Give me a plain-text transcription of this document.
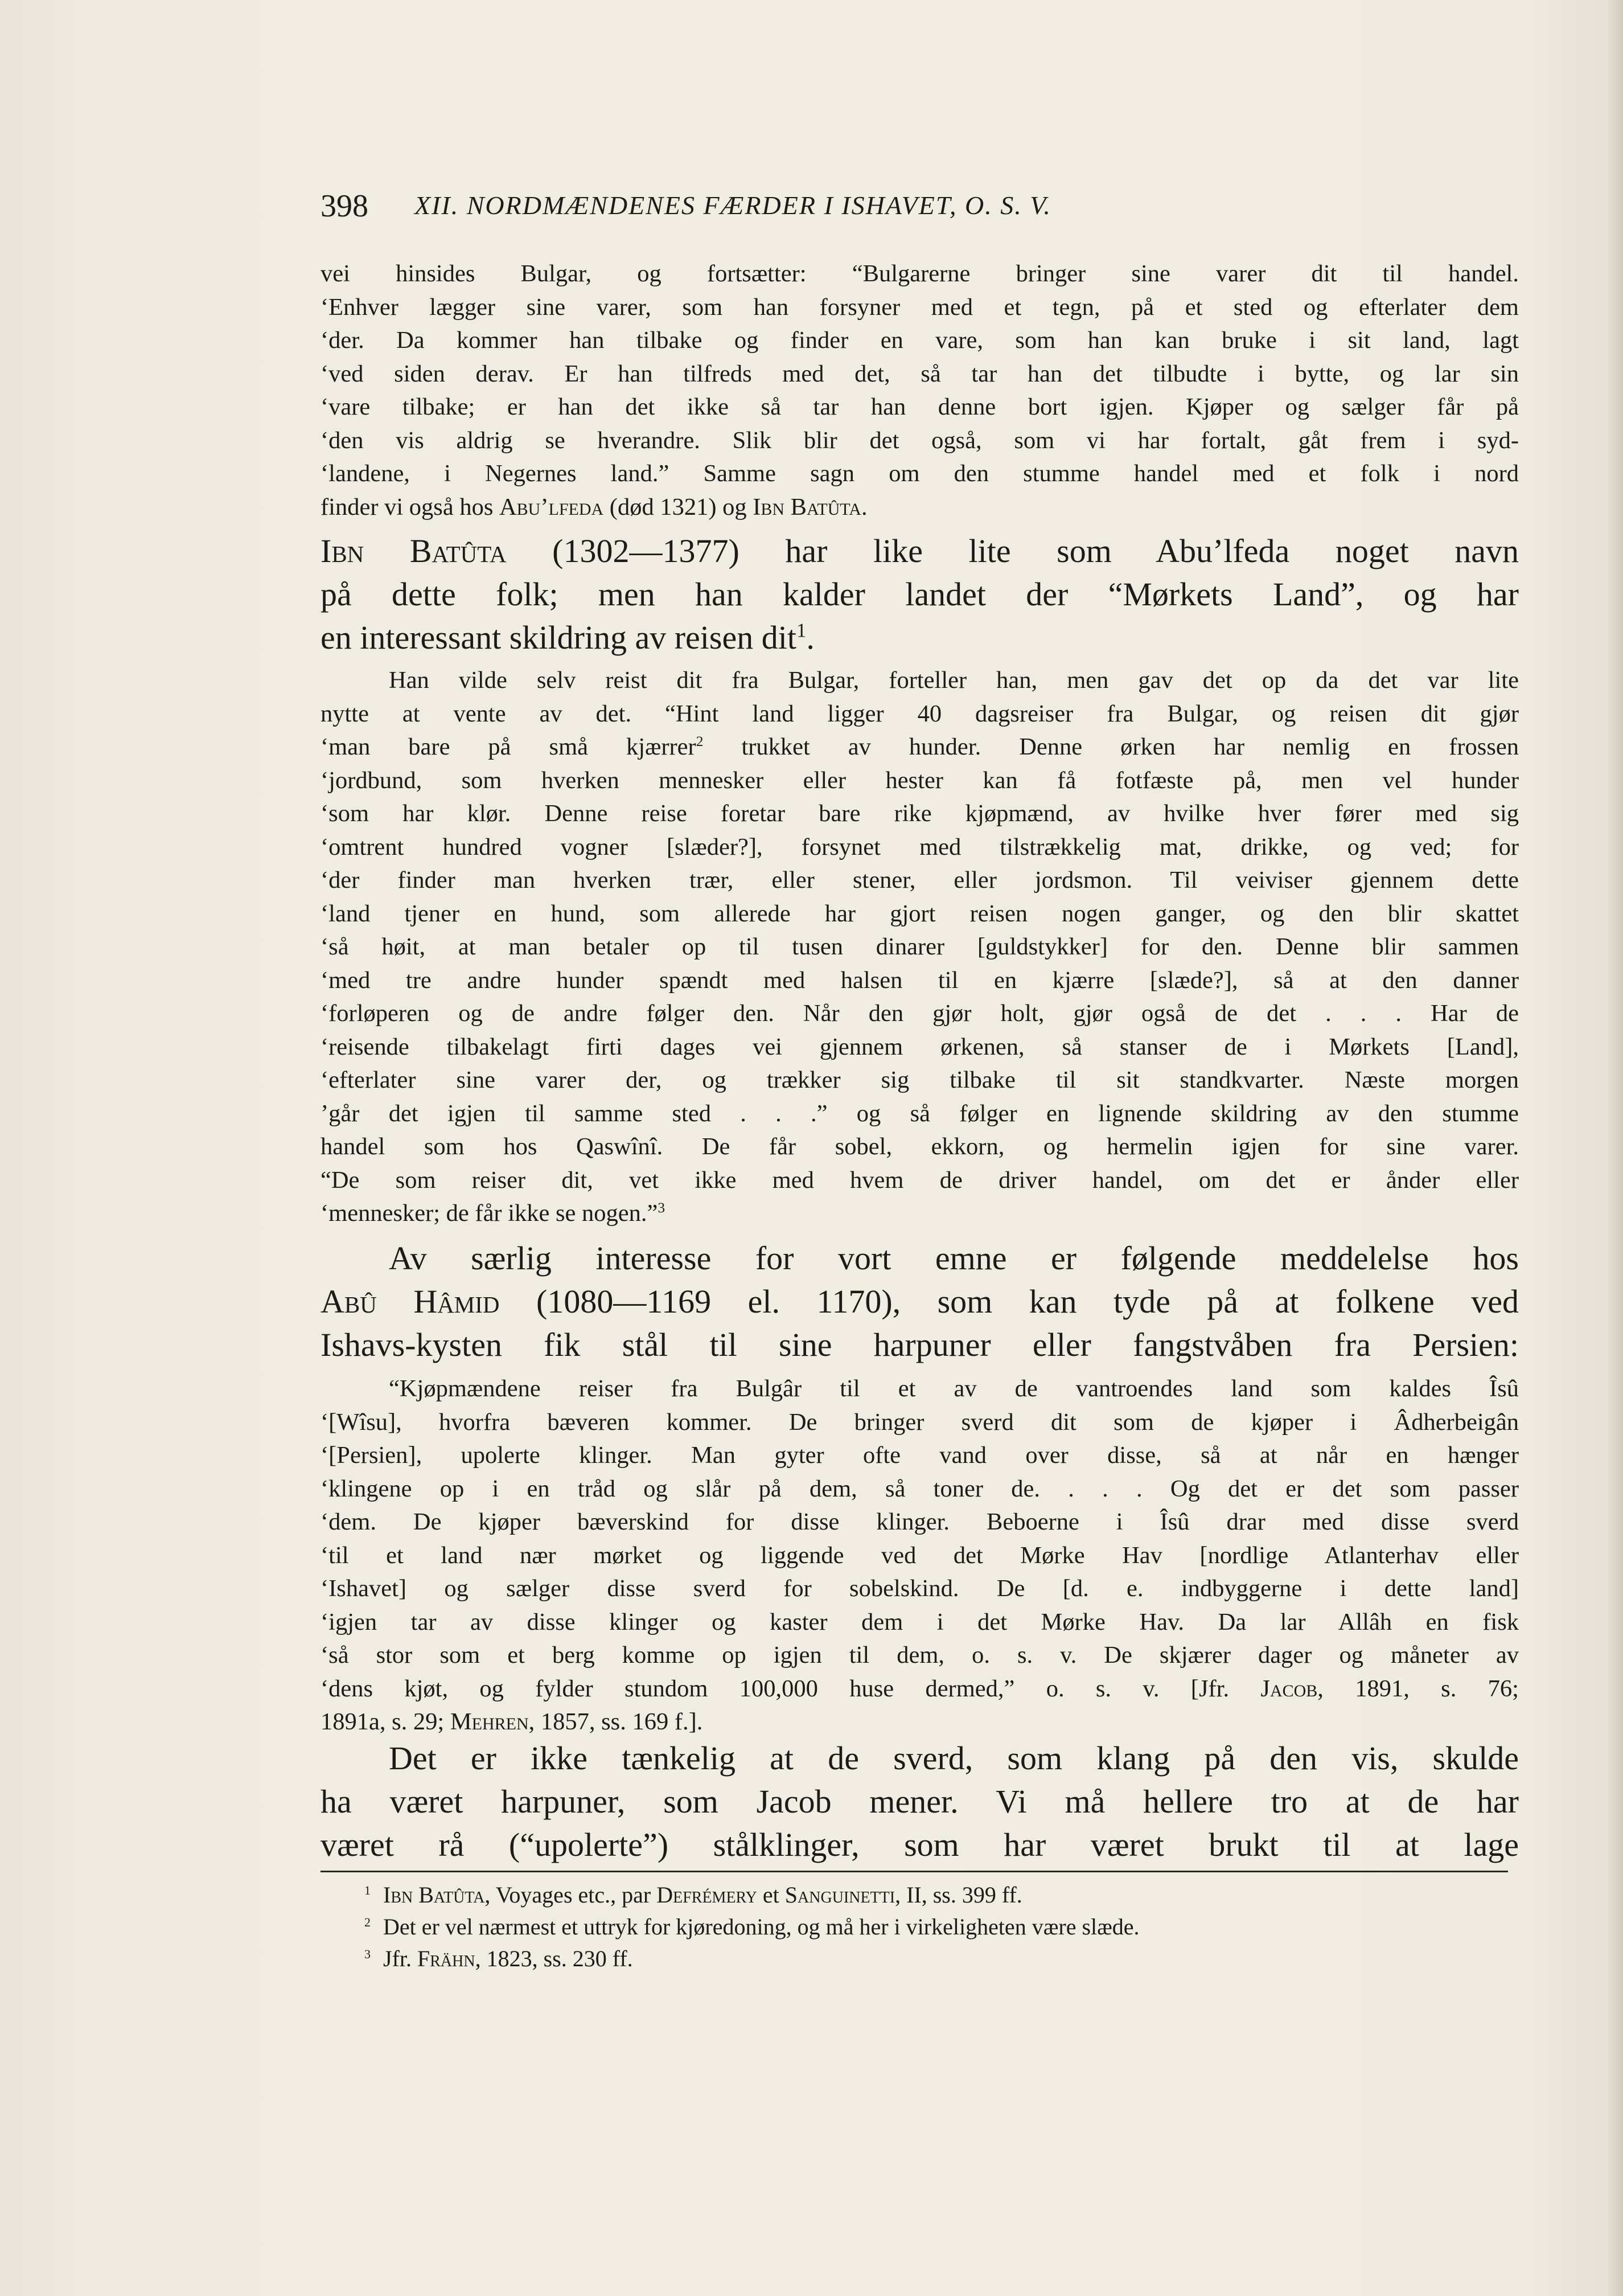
398 XII. NORDMÆNDENES FÆRDER I ISHAVET, O. S. V.
vei hinsides Bulgar, og fortsætter: “Bulgarerne bringer sine varer dit til handel.
‘Enhver lægger sine varer, som han forsyner med et tegn, på et sted og efterlater dem
‘der. Da kommer han tilbake og finder en vare, som han kan bruke i sit land, lagt
‘ved siden derav. Er han tilfreds med det, så tar han det tilbudte i bytte, og lar sin
‘vare tilbake; er han det ikke så tar han denne bort igjen. Kjøper og sælger får på
‘den vis aldrig se hverandre. Slik blir det også, som vi har fortalt, gåt frem i syd-
‘landene, i Negernes land.” Samme sagn om den stumme handel med et folk i nord
finder vi også hos Abu’lfeda (død 1321) og Ibn Batûta.
Ibn Batûta (1302—1377) har like lite som Abu’lfeda noget navn
på dette folk; men han kalder landet der “Mørkets Land”, og har
en interessant skildring av reisen dit$^1$.
Han vilde selv reist dit fra Bulgar, forteller han, men gav det op da det var lite
nytte at vente av det. “Hint land ligger 40 dagsreiser fra Bulgar, og reisen dit gjør
‘man bare på små kjærrer$^2$ trukket av hunder. Denne ørken har nemlig en frossen
‘jordbund, som hverken mennesker eller hester kan få fotfæste på, men vel hunder
‘som har klør. Denne reise foretar bare rike kjøpmænd, av hvilke hver fører med sig
‘omtrent hundred vogner [slæder?], forsynet med tilstrækkelig mat, drikke, og ved; for
‘der finder man hverken trær, eller stener, eller jordsmon. Til veiviser gjennem dette
‘land tjener en hund, som allerede har gjort reisen nogen ganger, og den blir skattet
‘så høit, at man betaler op til tusen dinarer [guldstykker] for den. Denne blir sammen
‘med tre andre hunder spændt med halsen til en kjærre [slæde?], så at den danner
‘forløperen og de andre følger den. Når den gjør holt, gjør også de det . . . Har de
‘reisende tilbakelagt firti dages vei gjennem ørkenen, så stanser de i Mørkets [Land],
‘efterlater sine varer der, og trækker sig tilbake til sit standkvarter. Næste morgen
’går det igjen til samme sted . . .” og så følger en lignende skildring av den stumme
handel som hos Qaswînî. De får sobel, ekkorn, og hermelin igjen for sine varer.
“De som reiser dit, vet ikke med hvem de driver handel, om det er ånder eller
‘mennesker; de får ikke se nogen.”$^3$
Av særlig interesse for vort emne er følgende meddelelse hos
Abû Hâmid (1080—1169 el. 1170), som kan tyde på at folkene ved
Ishavs-kysten fik stål til sine harpuner eller fangstvåben fra Persien:
“Kjøpmændene reiser fra Bulgâr til et av de vantroendes land som kaldes Îsû
‘[Wîsu], hvorfra bæveren kommer. De bringer sverd dit som de kjøper i Âdherbeigân
‘[Persien], upolerte klinger. Man gyter ofte vand over disse, så at når en hænger
‘klingene op i en tråd og slår på dem, så toner de. . . . Og det er det som passer
‘dem. De kjøper bæverskind for disse klinger. Beboerne i Îsû drar med disse sverd
‘til et land nær mørket og liggende ved det Mørke Hav [nordlige Atlanterhav eller
‘Ishavet] og sælger disse sverd for sobelskind. De [d. e. indbyggerne i dette land]
‘igjen tar av disse klinger og kaster dem i det Mørke Hav. Da lar Allâh en fisk
‘så stor som et berg komme op igjen til dem, o. s. v. De skjærer dager og måneter av
‘dens kjøt, og fylder stundom 100,000 huse dermed,” o. s. v. [Jfr. Jacob, 1891, s. 76;
1891a, s. 29; Mehren, 1857, ss. 169 f.].
Det er ikke tænkelig at de sverd, som klang på den vis, skulde
ha været harpuner, som Jacob mener. Vi må hellere tro at de har
været rå (“upolerte”) stålklinger, som har været brukt til at lage
$^1$ Ibn Batûta, Voyages etc., par Defrémery et Sanguinetti, II, ss. 399 ff.
$^2$ Det er vel nærmest et uttryk for kjøredoning, og må her i virkeligheten være slæde.
$^3$ Jfr. Frähn, 1823, ss. 230 ff.
